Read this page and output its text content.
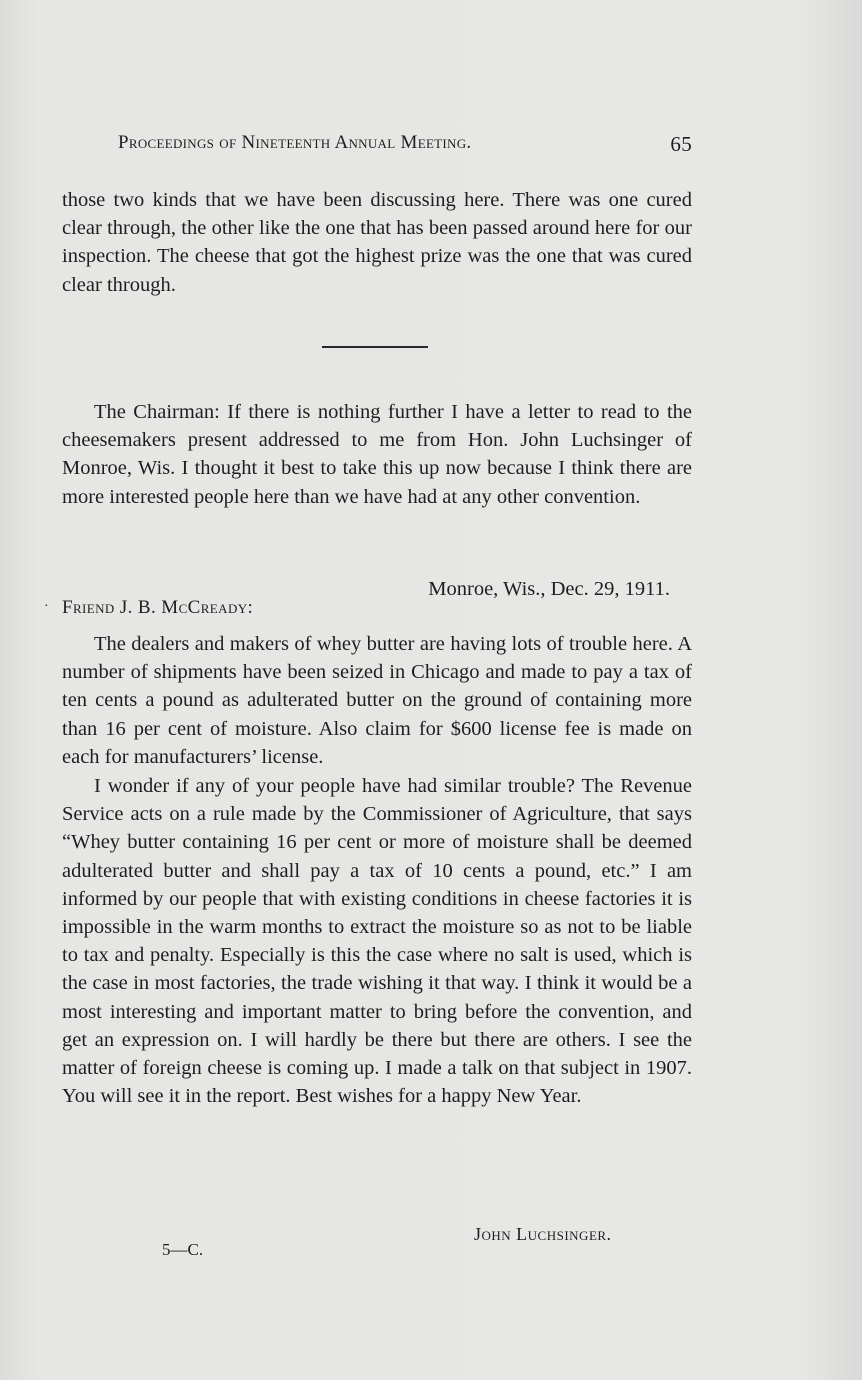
Proceedings of Nineteenth Annual Meeting.	65

those two kinds that we have been discussing here. There was one cured clear through, the other like the one that has been passed around here for our inspection. The cheese that got the highest prize was the one that was cured clear through.

The Chairman: If there is nothing further I have a letter to read to the cheesemakers present addressed to me from Hon. John Luchsinger of Monroe, Wis. I thought it best to take this up now because I think there are more interested people here than we have had at any other convention.

Monroe, Wis., Dec. 29, 1911.
· Friend J. B. McCready:

The dealers and makers of whey butter are having lots of trouble here. A number of shipments have been seized in Chicago and made to pay a tax of ten cents a pound as adulterated butter on the ground of containing more than 16 per cent of moisture. Also claim for $600 license fee is made on each for manufacturers’ license.

I wonder if any of your people have had similar trouble? The Revenue Service acts on a rule made by the Commissioner of Agriculture, that says “Whey butter containing 16 per cent or more of moisture shall be deemed adulterated butter and shall pay a tax of 10 cents a pound, etc.” I am informed by our people that with existing conditions in cheese factories it is impossible in the warm months to extract the moisture so as not to be liable to tax and penalty. Especially is this the case where no salt is used, which is the case in most factories, the trade wishing it that way. I think it would be a most interesting and important matter to bring before the convention, and get an expression on. I will hardly be there but there are others. I see the matter of foreign cheese is coming up. I made a talk on that subject in 1907. You will see it in the report. Best wishes for a happy New Year.

John Luchsinger.
5—C.
